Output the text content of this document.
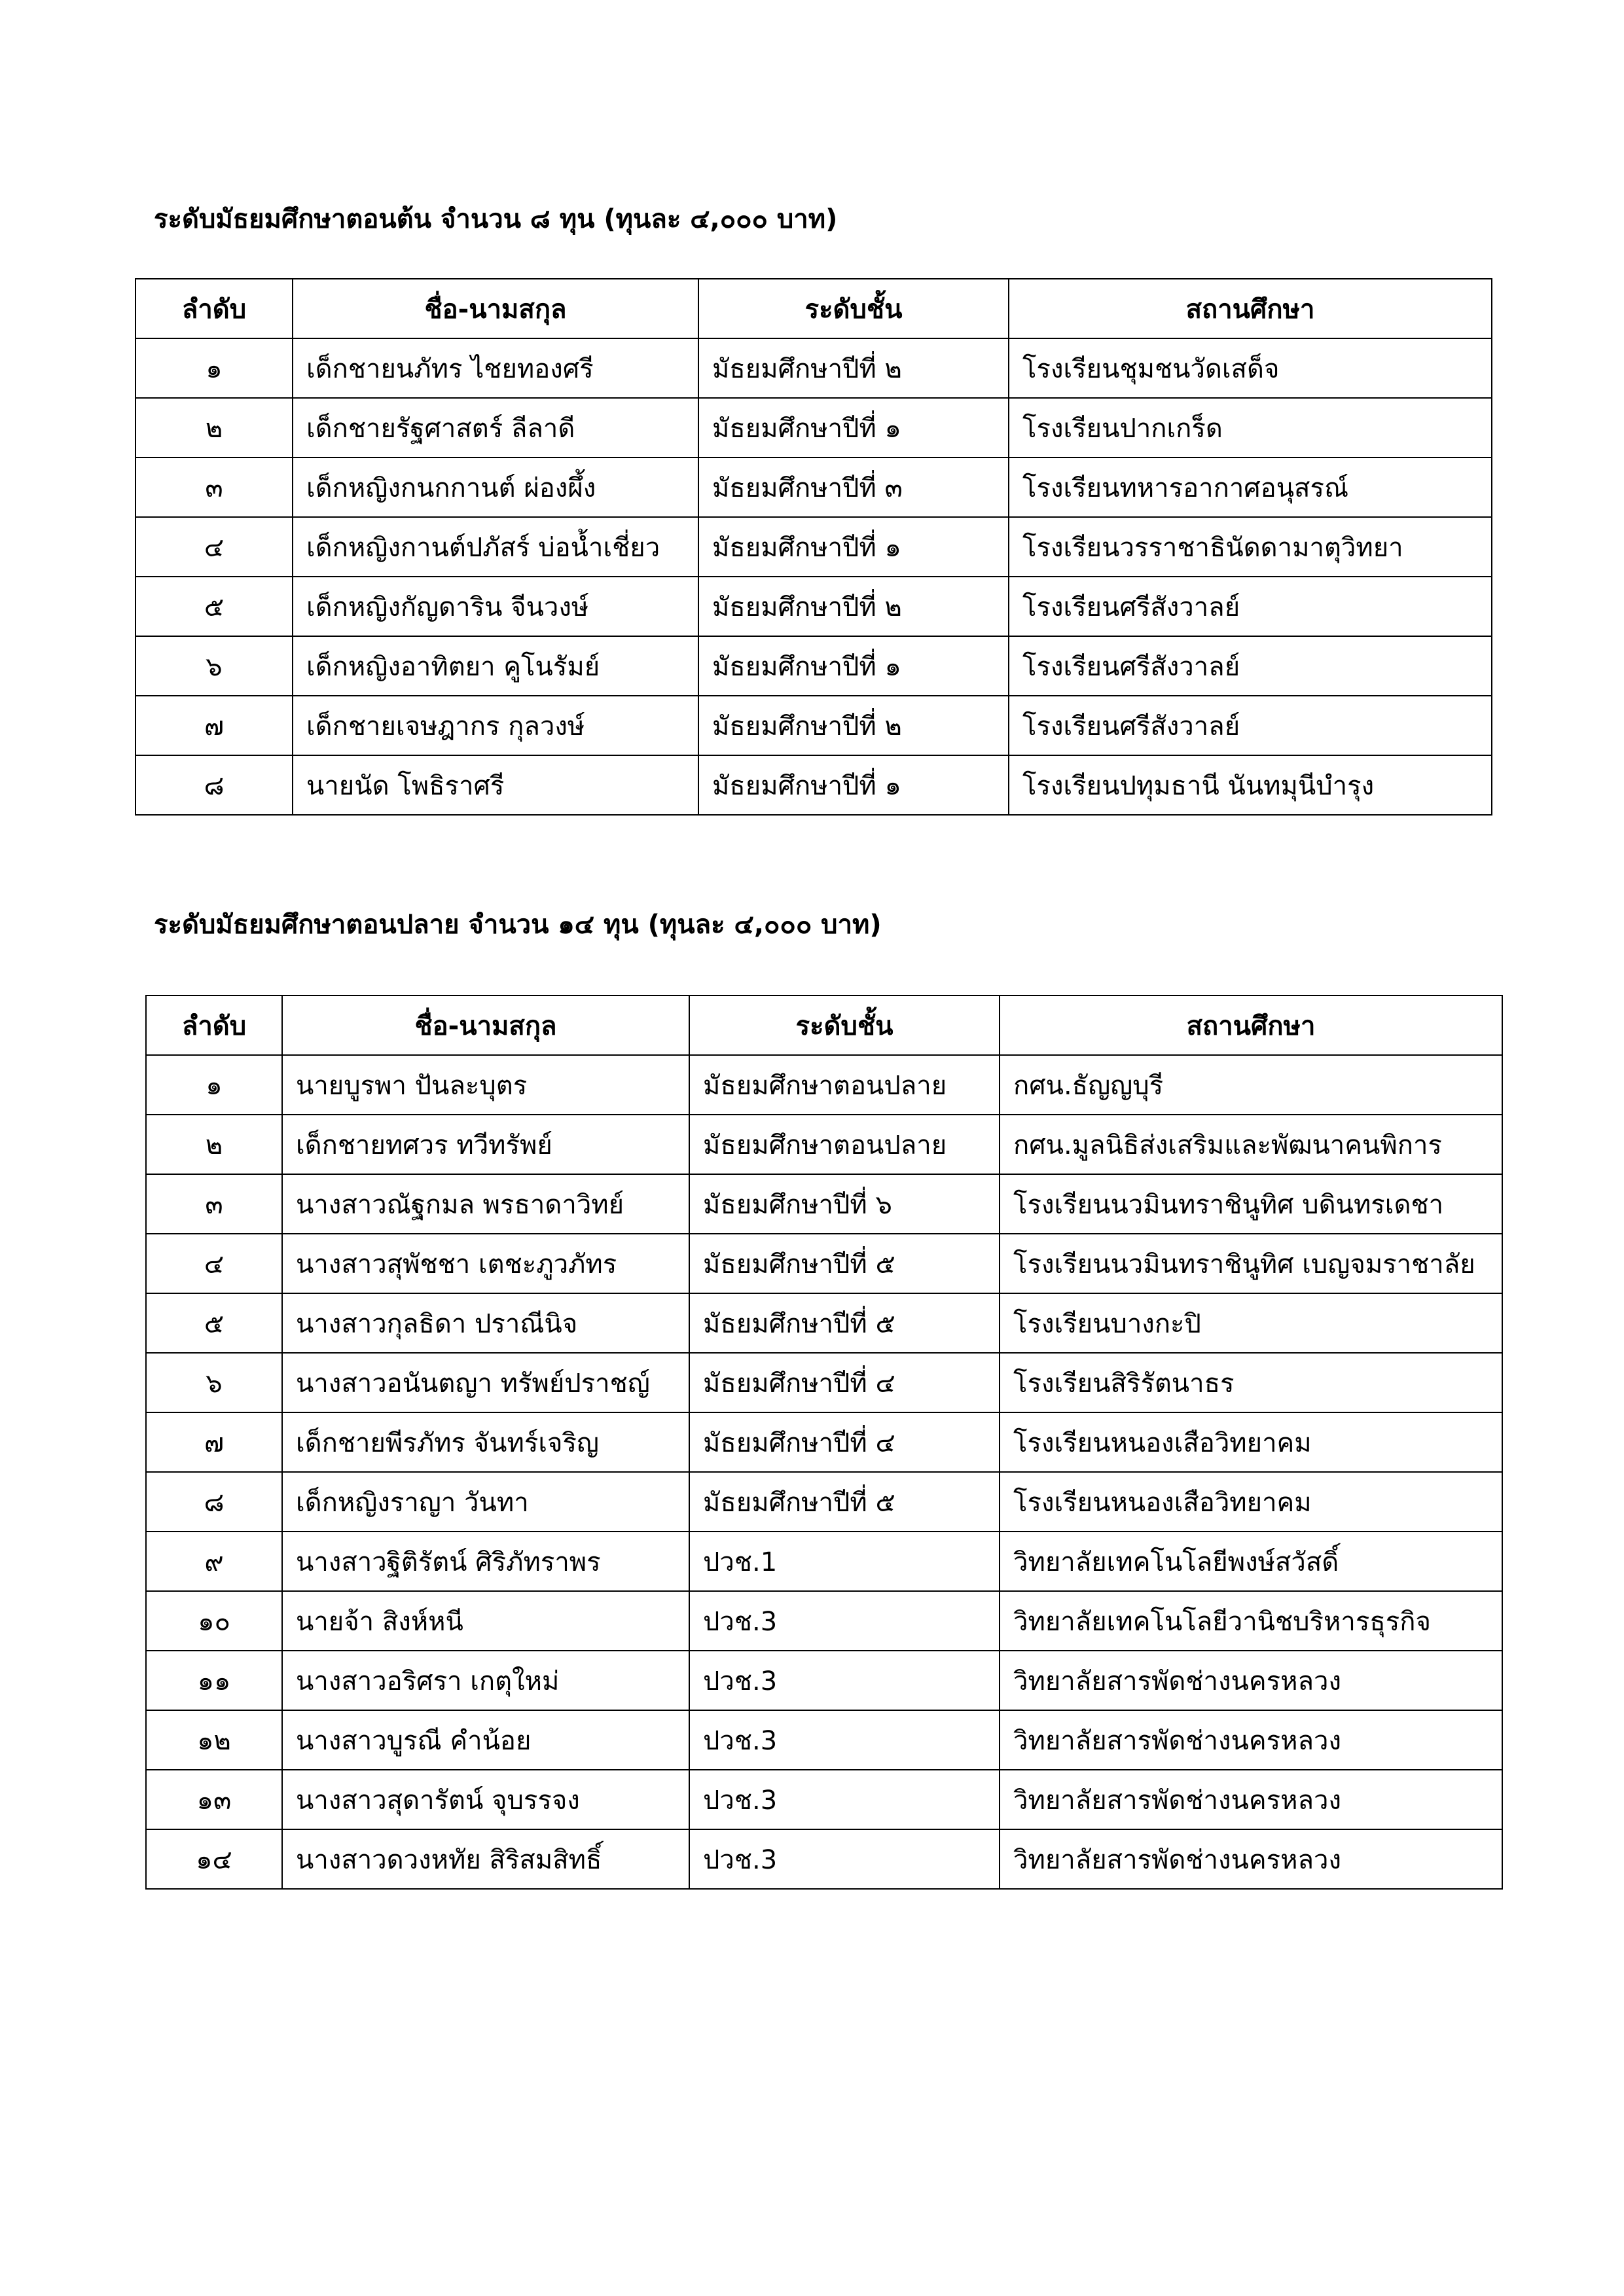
ระดับมัธยมศึกษาตอนต้น จำนวน ๘ ทุน (ทุนละ ๔,๐๐๐ บาท)
ลำดับ	ชื่อ-นามสกุล	ระดับชั้น	สถานศึกษา
๑	เด็กชายนภัทร ไชยทองศรี	มัธยมศึกษาปีที่ ๒	โรงเรียนชุมชนวัดเสด็จ
๒	เด็กชายรัฐศาสตร์ ลีลาดี	มัธยมศึกษาปีที่ ๑	โรงเรียนปากเกร็ด
๓	เด็กหญิงกนกกานต์ ผ่องผึ้ง	มัธยมศึกษาปีที่ ๓	โรงเรียนทหารอากาศอนุสรณ์
๔	เด็กหญิงกานต์ปภัสร์ บ่อน้ำเชี่ยว	มัธยมศึกษาปีที่ ๑	โรงเรียนวรราชาธินัดดามาตุวิทยา
๕	เด็กหญิงกัญดาริน จีนวงษ์	มัธยมศึกษาปีที่ ๒	โรงเรียนศรีสังวาลย์
๖	เด็กหญิงอาทิตยา คูโนรัมย์	มัธยมศึกษาปีที่ ๑	โรงเรียนศรีสังวาลย์
๗	เด็กชายเจษฎากร กุลวงษ์	มัธยมศึกษาปีที่ ๒	โรงเรียนศรีสังวาลย์
๘	นายนัด โพธิราศรี	มัธยมศึกษาปีที่ ๑	โรงเรียนปทุมธานี นันทมุนีบำรุง
ระดับมัธยมศึกษาตอนปลาย จำนวน ๑๔ ทุน (ทุนละ ๔,๐๐๐ บาท)
ลำดับ	ชื่อ-นามสกุล	ระดับชั้น	สถานศึกษา
๑	นายบูรพา ปันละบุตร	มัธยมศึกษาตอนปลาย	กศน.ธัญญบุรี
๒	เด็กชายทศวร ทวีทรัพย์	มัธยมศึกษาตอนปลาย	กศน.มูลนิธิส่งเสริมและพัฒนาคนพิการ
๓	นางสาวณัฐกมล พรธาดาวิทย์	มัธยมศึกษาปีที่ ๖	โรงเรียนนวมินทราชินูทิศ บดินทรเดชา
๔	นางสาวสุพัชชา เตชะภูวภัทร	มัธยมศึกษาปีที่ ๕	โรงเรียนนวมินทราชินูทิศ เบญจมราชาลัย
๕	นางสาวกุลธิดา ปราณีนิจ	มัธยมศึกษาปีที่ ๕	โรงเรียนบางกะปิ
๖	นางสาวอนันตญา ทรัพย์ปราชญ์	มัธยมศึกษาปีที่ ๔	โรงเรียนสิริรัตนาธร
๗	เด็กชายพีรภัทร จันทร์เจริญ	มัธยมศึกษาปีที่ ๔	โรงเรียนหนองเสือวิทยาคม
๘	เด็กหญิงราญา วันทา	มัธยมศึกษาปีที่ ๕	โรงเรียนหนองเสือวิทยาคม
๙	นางสาวฐิติรัตน์ ศิริภัทราพร	ปวช.1	วิทยาลัยเทคโนโลยีพงษ์สวัสดิ์
๑๐	นายจ้า สิงห์หนี	ปวช.3	วิทยาลัยเทคโนโลยีวานิชบริหารธุรกิจ
๑๑	นางสาวอริศรา เกตุใหม่	ปวช.3	วิทยาลัยสารพัดช่างนครหลวง
๑๒	นางสาวบูรณี คำน้อย	ปวช.3	วิทยาลัยสารพัดช่างนครหลวง
๑๓	นางสาวสุดารัตน์ จุบรรจง	ปวช.3	วิทยาลัยสารพัดช่างนครหลวง
๑๔	นางสาวดวงหทัย สิริสมสิทธิ์	ปวช.3	วิทยาลัยสารพัดช่างนครหลวง
